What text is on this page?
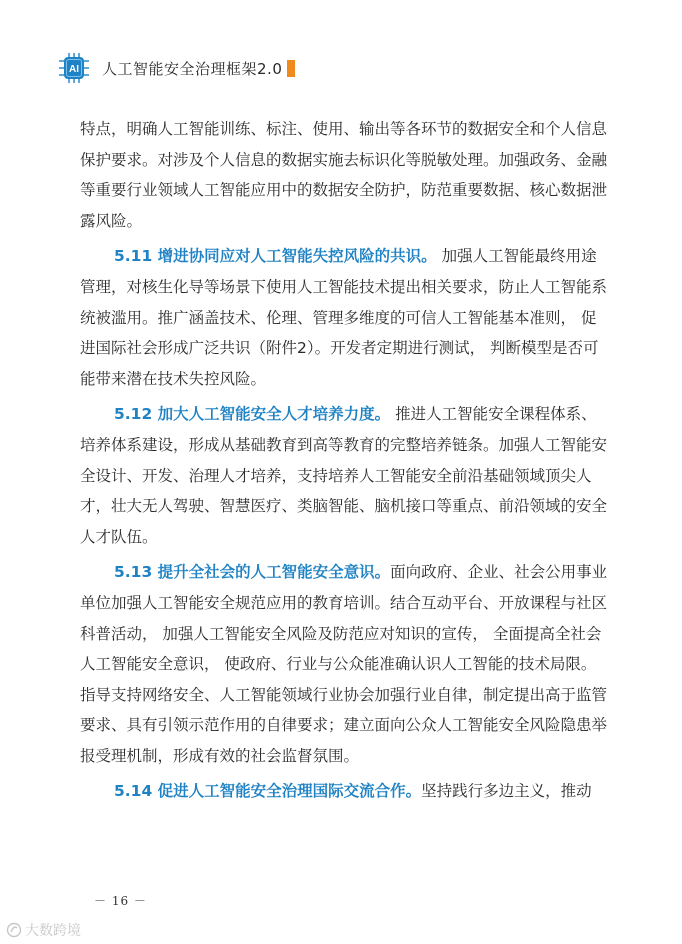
AI 人工智能安全治理框架2.0

特点，明确人工智能训练、标注、使用、输出等各环节的数据安全和个人信息保护要求。对涉及个人信息的数据实施去标识化等脱敏处理。加强政务、金融等重要行业领域人工智能应用中的数据安全防护，防范重要数据、核心数据泄露风险。

5.11 增进协同应对人工智能失控风险的共识。 加强人工智能最终用途管理，对核生化导等场景下使用人工智能技术提出相关要求，防止人工智能系统被滥用。推广涵盖技术、伦理、管理多维度的可信人工智能基本准则， 促进国际社会形成广泛共识（附件2）。开发者定期进行测试， 判断模型是否可能带来潜在技术失控风险。

5.12 加大人工智能安全人才培养力度。 推进人工智能安全课程体系、培养体系建设，形成从基础教育到高等教育的完整培养链条。加强人工智能安全设计、开发、治理人才培养，支持培养人工智能安全前沿基础领域顶尖人才，壮大无人驾驶、智慧医疗、类脑智能、脑机接口等重点、前沿领域的安全人才队伍。

5.13 提升全社会的人工智能安全意识。面向政府、企业、社会公用事业单位加强人工智能安全规范应用的教育培训。结合互动平台、开放课程与社区科普活动， 加强人工智能安全风险及防范应对知识的宣传， 全面提高全社会人工智能安全意识， 使政府、行业与公众能准确认识人工智能的技术局限。指导支持网络安全、人工智能领域行业协会加强行业自律，制定提出高于监管要求、具有引领示范作用的自律要求；建立面向公众人工智能安全风险隐患举报受理机制，形成有效的社会监督氛围。

5.14 促进人工智能安全治理国际交流合作。坚持践行多边主义，推动

－ 16 －
大数跨境
